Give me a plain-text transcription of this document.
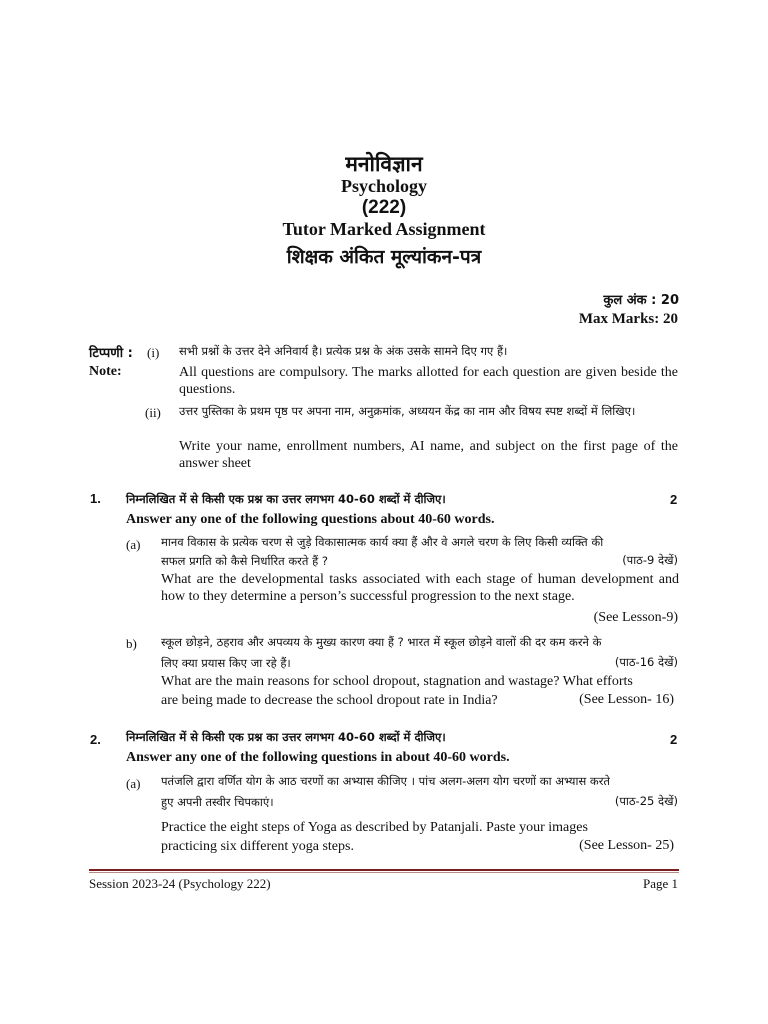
मनोविज्ञान
Psychology
(222)
Tutor Marked Assignment
शिक्षक अंकित मूल्यांकन-पत्र
कुल अंक : 20
Max Marks: 20
टिप्पणी : (i) सभी प्रश्नों के उत्तर देने अनिवार्य है। प्रत्येक प्रश्न के अंक उसके सामने दिए गए हैं।
Note:	All questions are compulsory. The marks allotted for each question are given beside the questions.
(ii) उत्तर पुस्तिका के प्रथम पृष्ठ पर अपना नाम, अनुक्रमांक, अध्ययन केंद्र का नाम और विषय स्पष्ट शब्दों में लिखिए।
Write your name, enrollment numbers, AI name, and subject on the first page of the answer sheet
1. निम्नलिखित में से किसी एक प्रश्न का उत्तर लगभग 40-60 शब्दों में दीजिए।	2
Answer any one of the following questions about 40-60 words.
(a) मानव विकास के प्रत्येक चरण से जुड़े विकासात्मक कार्य क्या हैं और वे अगले चरण के लिए किसी व्यक्ति की
सफल प्रगति को कैसे निर्धारित करते हैं ?	(पाठ-9 देखें)
What are the developmental tasks associated with each stage of human development and how to they determine a person’s successful progression to the next stage.
(See Lesson-9)
b) स्कूल छोड़ने, ठहराव और अपव्यय के मुख्य कारण क्या हैं ? भारत में स्कूल छोड़ने वालों की दर कम करने के
लिए क्या प्रयास किए जा रहे हैं।	(पाठ-16 देखें)
What are the main reasons for school dropout, stagnation and wastage? What efforts
are being made to decrease the school dropout rate in India?	(See Lesson- 16)
2. निम्नलिखित में से किसी एक प्रश्न का उत्तर लगभग 40-60 शब्दों में दीजिए।	2
Answer any one of the following questions in about 40-60 words.
(a) पतंजलि द्वारा वर्णित योग के आठ चरणों का अभ्यास कीजिए । पांच अलग-अलग योग चरणों का अभ्यास करते
हुए अपनी तस्वीर चिपकाएं।	(पाठ-25 देखें)
Practice the eight steps of Yoga as described by Patanjali. Paste your images
practicing six different yoga steps.	(See Lesson- 25)
Session 2023-24 (Psychology 222)	Page 1
